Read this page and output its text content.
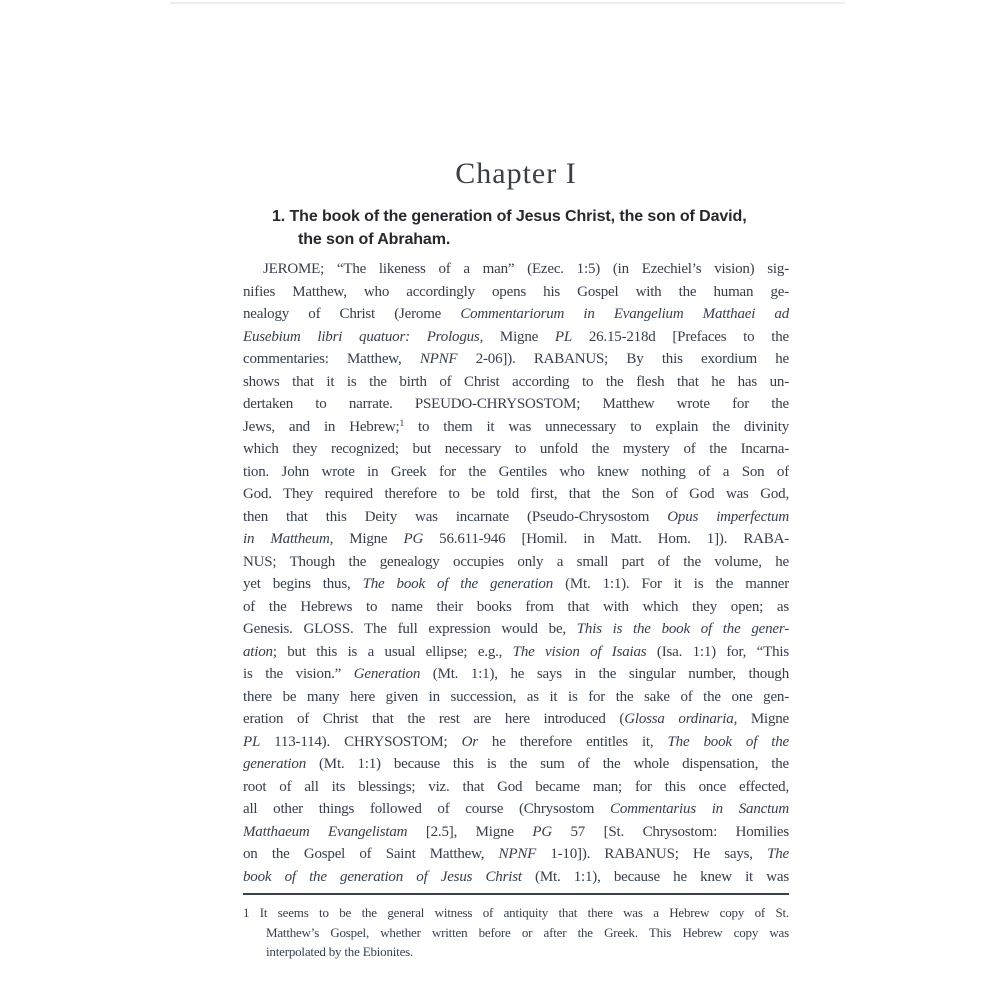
Chapter I
1. The book of the generation of Jesus Christ, the son of David,
the son of Abraham.
JEROME; “The likeness of a man” (Ezec. 1:5) (in Ezechiel’s vision) sig-
nifies Matthew, who accordingly opens his Gospel with the human ge-
nealogy of Christ (Jerome Commentariorum in Evangelium Matthaei ad
Eusebium libri quatuor: Prologus, Migne PL 26.15-218d [Prefaces to the
commentaries: Matthew, NPNF 2-06]). RABANUS; By this exordium he
shows that it is the birth of Christ according to the flesh that he has un-
dertaken to narrate. PSEUDO-CHRYSOSTOM; Matthew wrote for the
Jews, and in Hebrew;$^1$ to them it was unnecessary to explain the divinity
which they recognized; but necessary to unfold the mystery of the Incarna-
tion. John wrote in Greek for the Gentiles who knew nothing of a Son of
God. They required therefore to be told first, that the Son of God was God,
then that this Deity was incarnate (Pseudo-Chrysostom Opus imperfectum
in Mattheum, Migne PG 56.611-946 [Homil. in Matt. Hom. 1]). RABA-
NUS; Though the genealogy occupies only a small part of the volume, he
yet begins thus, The book of the generation (Mt. 1:1). For it is the manner
of the Hebrews to name their books from that with which they open; as
Genesis. GLOSS. The full expression would be, This is the book of the gener-
ation; but this is a usual ellipse; e.g., The vision of Isaias (Isa. 1:1) for, “This
is the vision.” Generation (Mt. 1:1), he says in the singular number, though
there be many here given in succession, as it is for the sake of the one gen-
eration of Christ that the rest are here introduced (Glossa ordinaria, Migne
PL 113-114). CHRYSOSTOM; Or he therefore entitles it, The book of the
generation (Mt. 1:1) because this is the sum of the whole dispensation, the
root of all its blessings; viz. that God became man; for this once effected,
all other things followed of course (Chrysostom Commentarius in Sanctum
Matthaeum Evangelistam [2.5], Migne PG 57 [St. Chrysostom: Homilies
on the Gospel of Saint Matthew, NPNF 1-10]). RABANUS; He says, The
book of the generation of Jesus Christ (Mt. 1:1), because he knew it was
1 It seems to be the general witness of antiquity that there was a Hebrew copy of St.
Matthew’s Gospel, whether written before or after the Greek. This Hebrew copy was
interpolated by the Ebionites.
